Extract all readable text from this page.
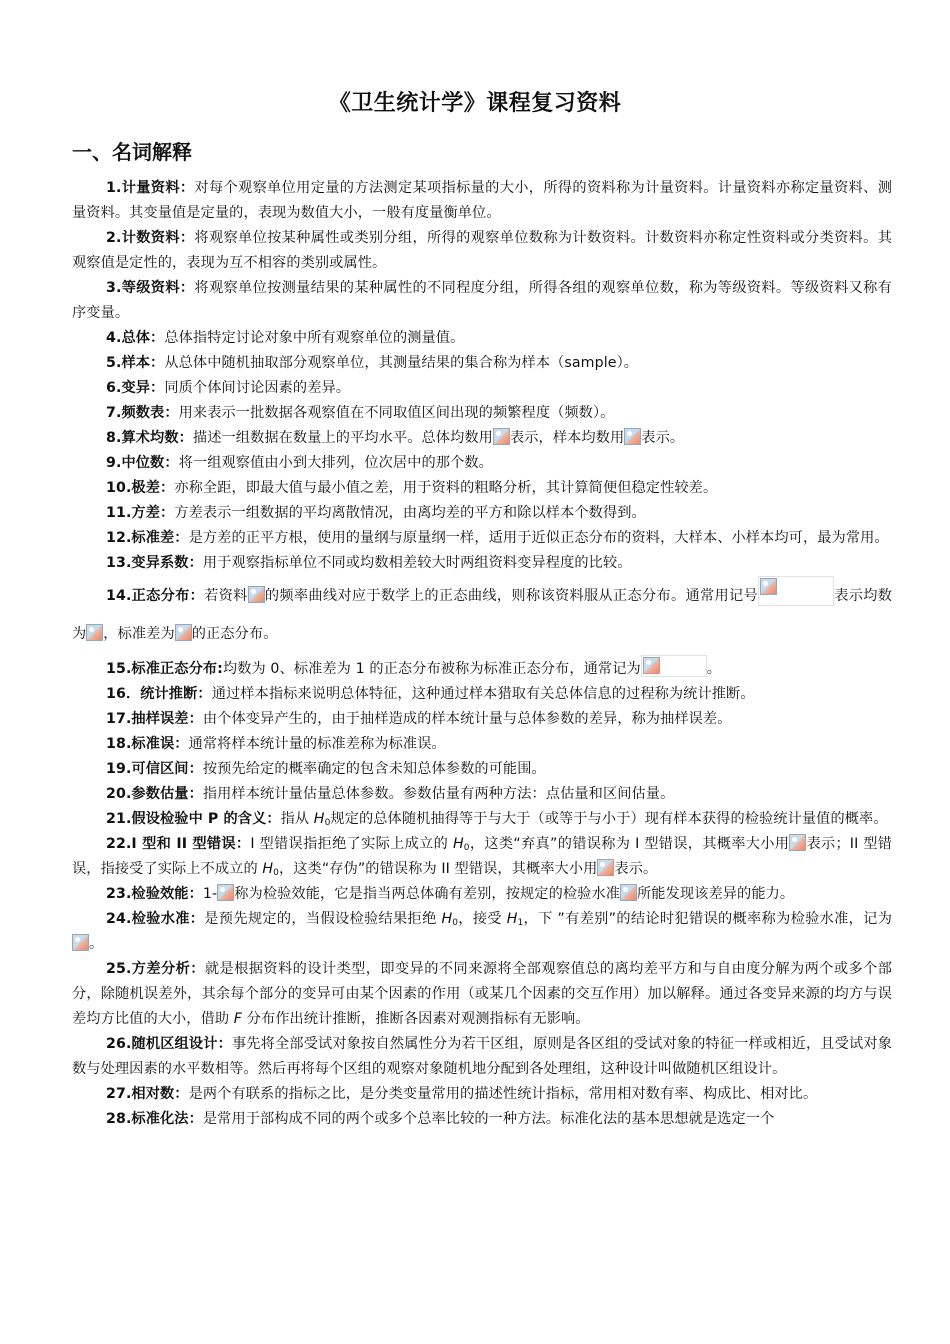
《卫生统计学》课程复习资料
一、名词解释

1.计量资料：对每个观察单位用定量的方法测定某项指标量的大小，所得的资料称为计量资料。计量资料亦称定量资料、测量资料。其变量值是定量的，表现为数值大小，一般有度量衡单位。

2.计数资料：将观察单位按某种属性或类别分组，所得的观察单位数称为计数资料。计数资料亦称定性资料或分类资料。其观察值是定性的，表现为互不相容的类别或属性。

3.等级资料：将观察单位按测量结果的某种属性的不同程度分组，所得各组的观察单位数，称为等级资料。等级资料又称有序变量。

4.总体：总体指特定讨论对象中所有观察单位的测量值。

5.样本：从总体中随机抽取部分观察单位，其测量结果的集合称为样本（sample）。

6.变异：同质个体间讨论因素的差异。

7.频数表：用来表示一批数据各观察值在不同取值区间出现的频繁程度（频数）。

8.算术均数：描述一组数据在数量上的平均水平。总体均数用 表示，样本均数用 表示。

9.中位数：将一组观察值由小到大排列，位次居中的那个数。

10.极差：亦称全距，即最大值与最小值之差，用于资料的粗略分析，其计算简便但稳定性较差。

11.方差：方差表示一组数据的平均离散情况，由离均差的平方和除以样本个数得到。

12.标准差：是方差的正平方根，使用的量纲与原量纲一样，适用于近似正态分布的资料，大样本、小样本均可，最为常用。

13.变异系数：用于观察指标单位不同或均数相差较大时两组资料变异程度的比较。

14.正态分布：若资料 的频率曲线对应于数学上的正态曲线，则称该资料服从正态分布。通常用记号	表示均数为 ，标准差为 的正态分布。

15.标准正态分布:均数为 0、标准差为 1 的正态分布被称为标准正态分布，通常记为	。

16．统计推断：通过样本指标来说明总体特征，这种通过样本猎取有关总体信息的过程称为统计推断。

17.抽样误差：由个体变异产生的，由于抽样造成的样本统计量与总体参数的差异，称为抽样误差。

18.标准误：通常将样本统计量的标准差称为标准误。

19.可信区间：按预先给定的概率确定的包含未知总体参数的可能围。

20.参数估量：指用样本统计量估量总体参数。参数估量有两种方法：点估量和区间估量。

21.假设检验中 P 的含义：指从 $H_0$规定的总体随机抽得等于与大于（或等于与小于）现有样本获得的检验统计量值的概率。

22.I 型和 II 型错误：I 型错误指拒绝了实际上成立的 $H_0$，这类“弃真”的错误称为 I 型错误，其概率大小用 表示；II 型错误，指接受了实际上不成立的 $H_0$，这类“存伪”的错误称为 II 型错误，其概率大小用 表示。

23.检验效能：1- 称为检验效能，它是指当两总体确有差别，按规定的检验水准 所能发现该差异的能力。

24.检验水准：是预先规定的，当假设检验结果拒绝 $H_0$，接受 $H_1$，下 ”有差别”的结论时犯错误的概率称为检验水准，记为。

25.方差分析：就是根据资料的设计类型，即变异的不同来源将全部观察值总的离均差平方和与自由度分解为两个或多个部分，除随机误差外，其余每个部分的变异可由某个因素的作用（或某几个因素的交互作用）加以解释。通过各变异来源的均方与误差均方比值的大小，借助 F 分布作出统计推断，推断各因素对观测指标有无影响。

26.随机区组设计：事先将全部受试对象按自然属性分为若干区组，原则是各区组的受试对象的特征一样或相近，且受试对象数与处理因素的水平数相等。然后再将每个区组的观察对象随机地分配到各处理组，这种设计叫做随机区组设计。

27.相对数：是两个有联系的指标之比，是分类变量常用的描述性统计指标，常用相对数有率、构成比、相对比。

28.标准化法：是常用于部构成不同的两个或多个总率比较的一种方法。标准化法的基本思想就是选定一个
